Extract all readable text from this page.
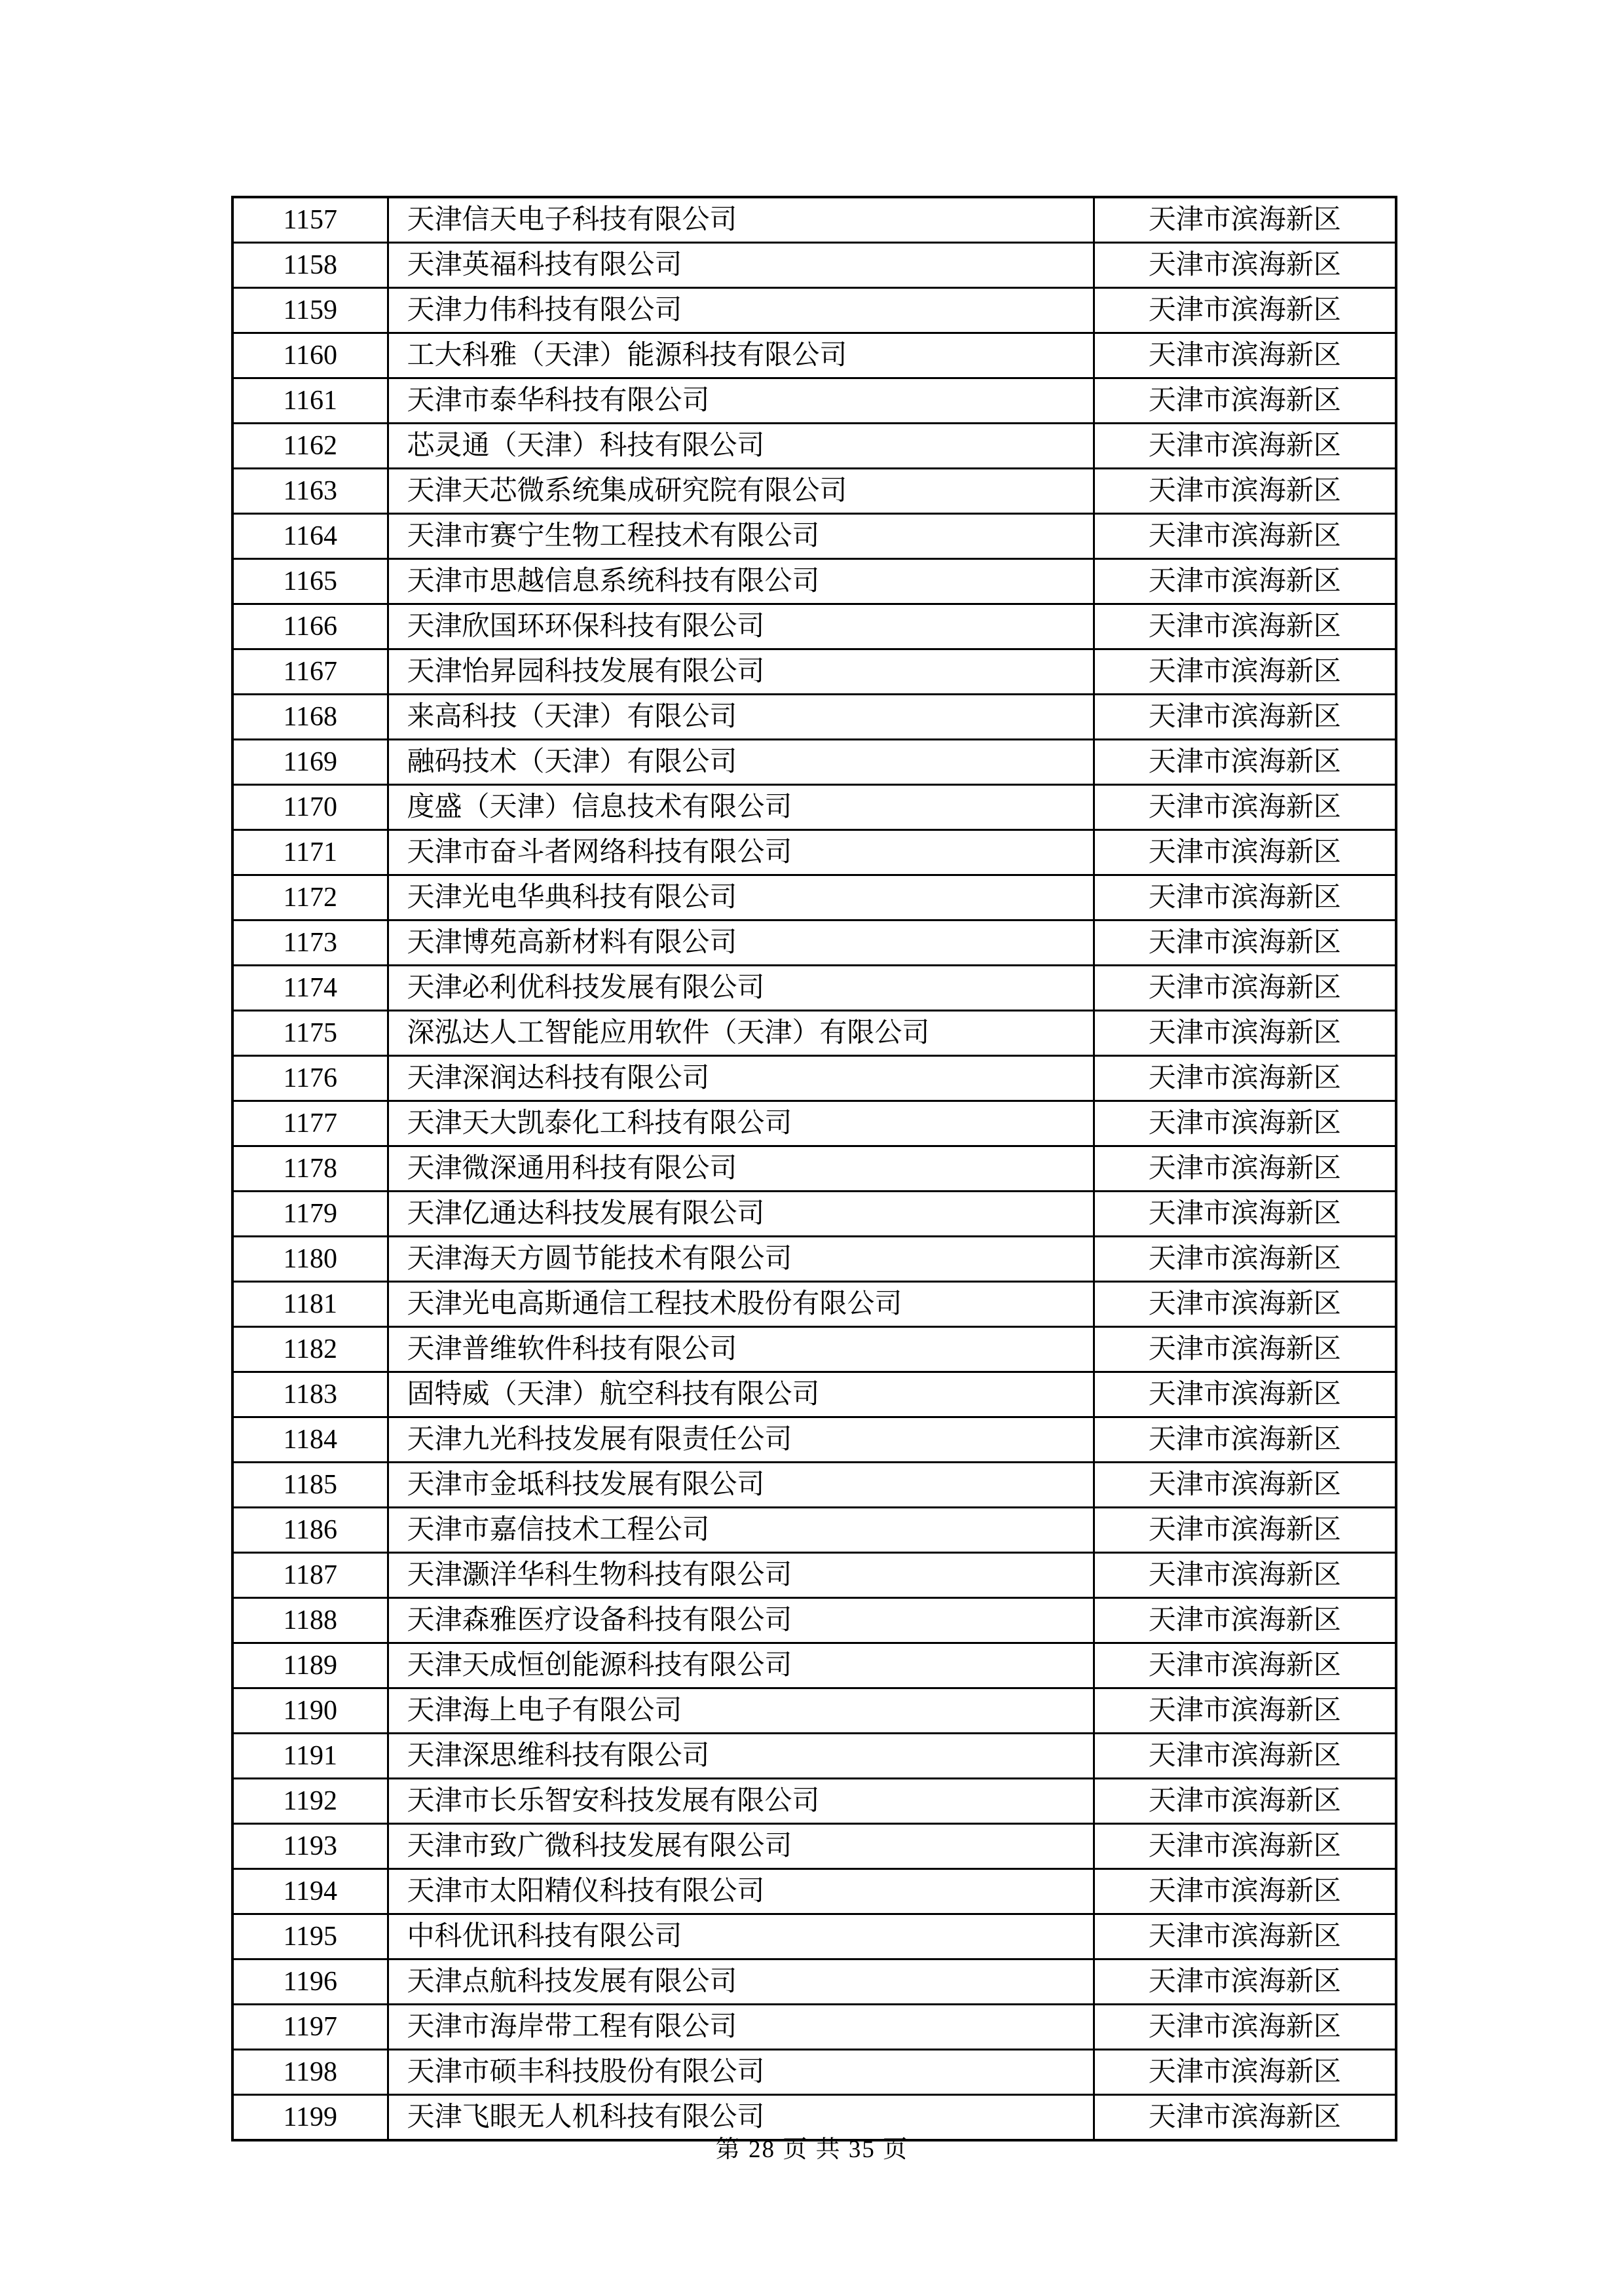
1157	天津信天电子科技有限公司	天津市滨海新区
1158	天津英福科技有限公司	天津市滨海新区
1159	天津力伟科技有限公司	天津市滨海新区
1160	工大科雅（天津）能源科技有限公司	天津市滨海新区
1161	天津市泰华科技有限公司	天津市滨海新区
1162	芯灵通（天津）科技有限公司	天津市滨海新区
1163	天津天芯微系统集成研究院有限公司	天津市滨海新区
1164	天津市赛宁生物工程技术有限公司	天津市滨海新区
1165	天津市思越信息系统科技有限公司	天津市滨海新区
1166	天津欣国环环保科技有限公司	天津市滨海新区
1167	天津怡昇园科技发展有限公司	天津市滨海新区
1168	来高科技（天津）有限公司	天津市滨海新区
1169	融码技术（天津）有限公司	天津市滨海新区
1170	度盛（天津）信息技术有限公司	天津市滨海新区
1171	天津市奋斗者网络科技有限公司	天津市滨海新区
1172	天津光电华典科技有限公司	天津市滨海新区
1173	天津博苑高新材料有限公司	天津市滨海新区
1174	天津必利优科技发展有限公司	天津市滨海新区
1175	深泓达人工智能应用软件（天津）有限公司	天津市滨海新区
1176	天津深润达科技有限公司	天津市滨海新区
1177	天津天大凯泰化工科技有限公司	天津市滨海新区
1178	天津微深通用科技有限公司	天津市滨海新区
1179	天津亿通达科技发展有限公司	天津市滨海新区
1180	天津海天方圆节能技术有限公司	天津市滨海新区
1181	天津光电高斯通信工程技术股份有限公司	天津市滨海新区
1182	天津普维软件科技有限公司	天津市滨海新区
1183	固特威（天津）航空科技有限公司	天津市滨海新区
1184	天津九光科技发展有限责任公司	天津市滨海新区
1185	天津市金坻科技发展有限公司	天津市滨海新区
1186	天津市嘉信技术工程公司	天津市滨海新区
1187	天津灏洋华科生物科技有限公司	天津市滨海新区
1188	天津森雅医疗设备科技有限公司	天津市滨海新区
1189	天津天成恒创能源科技有限公司	天津市滨海新区
1190	天津海上电子有限公司	天津市滨海新区
1191	天津深思维科技有限公司	天津市滨海新区
1192	天津市长乐智安科技发展有限公司	天津市滨海新区
1193	天津市致广微科技发展有限公司	天津市滨海新区
1194	天津市太阳精仪科技有限公司	天津市滨海新区
1195	中科优讯科技有限公司	天津市滨海新区
1196	天津点航科技发展有限公司	天津市滨海新区
1197	天津市海岸带工程有限公司	天津市滨海新区
1198	天津市硕丰科技股份有限公司	天津市滨海新区
1199	天津飞眼无人机科技有限公司	天津市滨海新区
第 28 页 共 35 页
